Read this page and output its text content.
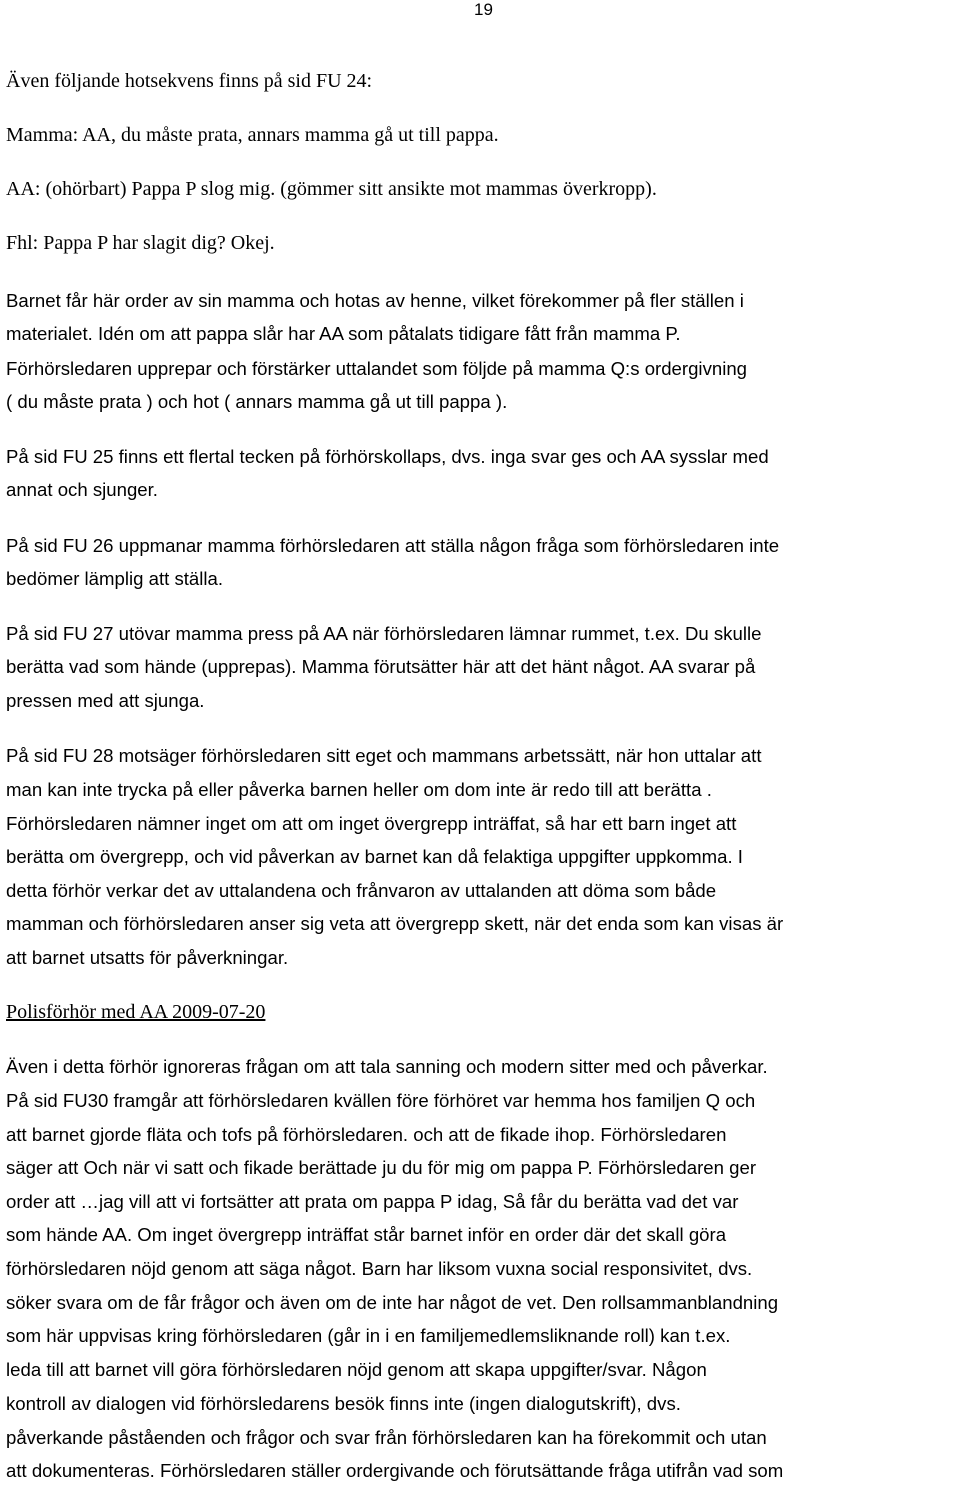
19
Även följande hotsekvens finns på sid FU 24:
Mamma: AA, du måste prata, annars mamma gå ut till pappa.
AA: (ohörbart) Pappa P slog mig. (gömmer sitt ansikte mot mammas överkropp).
Fhl: Pappa P har slagit dig? Okej.
Barnet får här order av sin mamma och hotas av henne, vilket förekommer på fler ställen i
materialet. Idén om att pappa slår har AA som påtalats tidigare fått från mamma P.
Förhörsledaren upprepar och förstärker uttalandet som följde på mamma Q:s ordergivning
( du måste prata ) och hot ( annars mamma gå ut till pappa ).
På sid FU 25 finns ett flertal tecken på förhörskollaps, dvs. inga svar ges och AA sysslar med
annat och sjunger.
På sid FU 26 uppmanar mamma förhörsledaren att ställa någon fråga som förhörsledaren inte
bedömer lämplig att ställa.
På sid FU 27 utövar mamma press på AA när förhörsledaren lämnar rummet, t.ex. Du skulle
berätta vad som hände (upprepas). Mamma förutsätter här att det hänt något. AA svarar på
pressen med att sjunga.
På sid FU 28 motsäger förhörsledaren sitt eget och mammans arbetssätt, när hon uttalar att
man kan inte trycka på eller påverka barnen heller om dom inte är redo till att berätta .
Förhörsledaren nämner inget om att om inget övergrepp inträffat, så har ett barn inget att
berätta om övergrepp, och vid påverkan av barnet kan då felaktiga uppgifter uppkomma. I
detta förhör verkar det av uttalandena och frånvaron av uttalanden att döma som både
mamman och förhörsledaren anser sig veta att övergrepp skett, när det enda som kan visas är
att barnet utsatts för påverkningar.
Polisförhör med AA 2009-07-20
Även i detta förhör ignoreras frågan om att tala sanning och modern sitter med och påverkar.
På sid FU30 framgår att förhörsledaren kvällen före förhöret var hemma hos familjen Q och
att barnet gjorde fläta och tofs på förhörsledaren. och att de fikade ihop. Förhörsledaren
säger att Och när vi satt och fikade berättade ju du för mig om pappa P. Förhörsledaren ger
order att …jag vill att vi fortsätter att prata om pappa P idag, Så får du berätta vad det var
som hände AA. Om inget övergrepp inträffat står barnet inför en order där det skall göra
förhörsledaren nöjd genom att säga något. Barn har liksom vuxna social responsivitet, dvs.
söker svara om de får frågor och även om de inte har något de vet. Den rollsammanblandning
som här uppvisas kring förhörsledaren (går in i en familjemedlemsliknande roll) kan t.ex.
leda till att barnet vill göra förhörsledaren nöjd genom att skapa uppgifter/svar. Någon
kontroll av dialogen vid förhörsledarens besök finns inte (ingen dialogutskrift), dvs.
påverkande påståenden och frågor och svar från förhörsledaren kan ha förekommit och utan
att dokumenteras. Förhörsledaren ställer ordergivande och förutsättande fråga utifrån vad som
